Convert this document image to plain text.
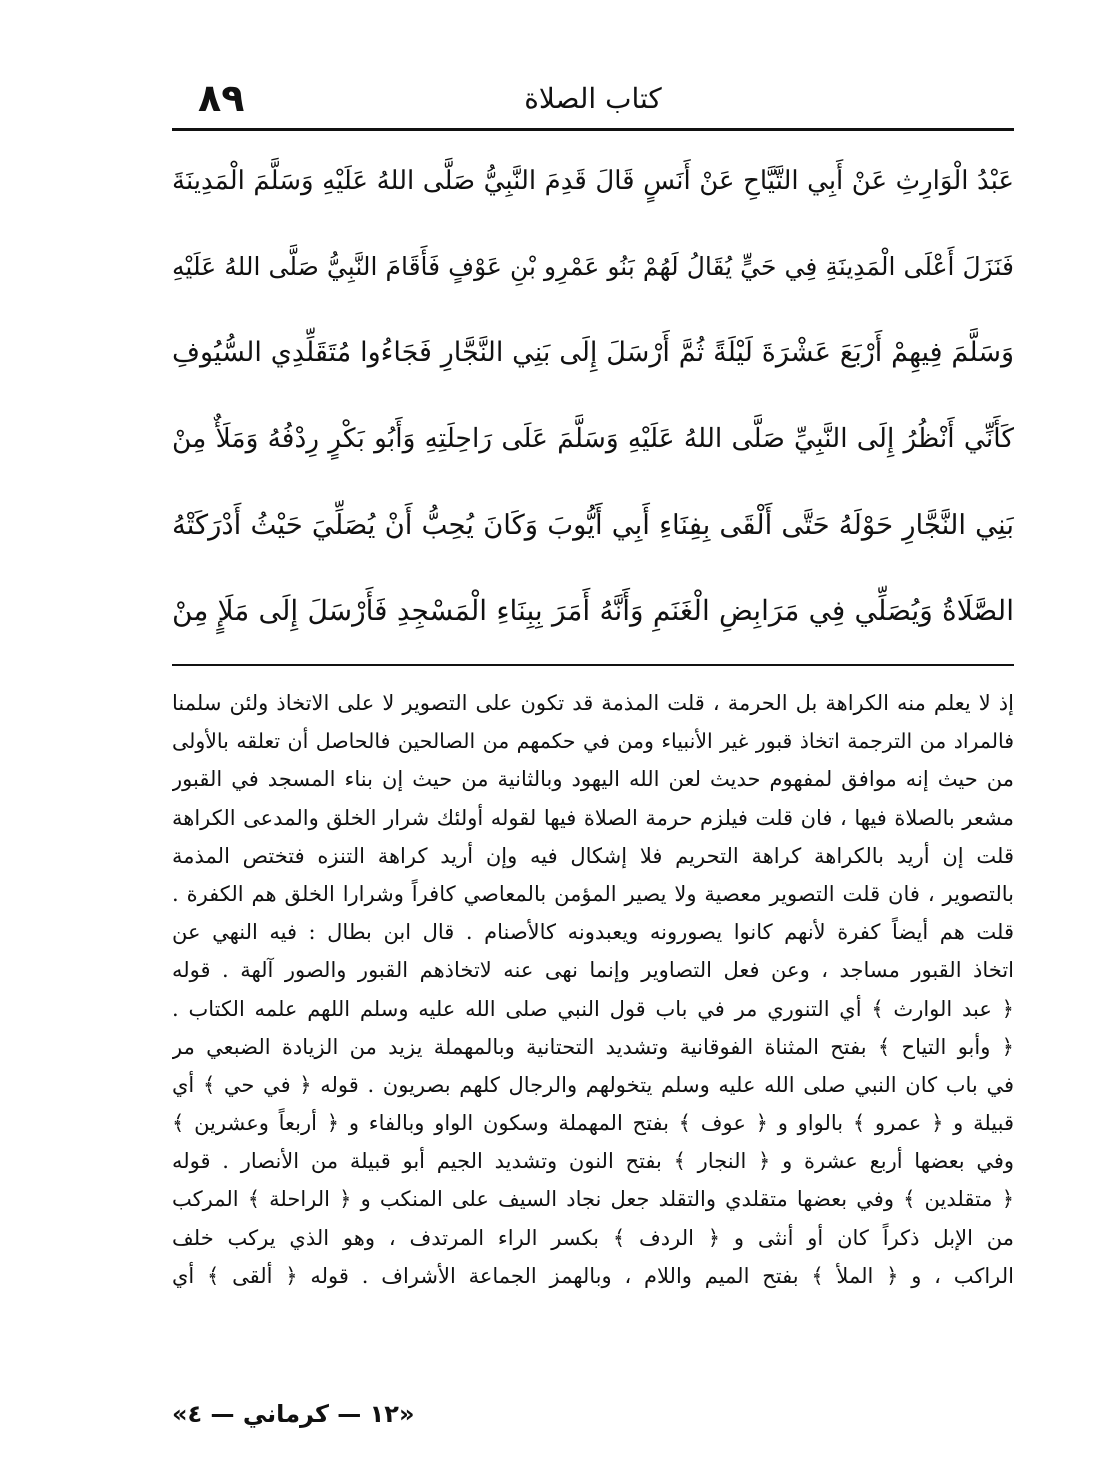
٨٩	كتاب الصلاة
عَبْدُ الْوَارِثِ عَنْ أَبِي التَّيَّاحِ عَنْ أَنَسٍ قَالَ قَدِمَ النَّبِيُّ صَلَّى اللهُ عَلَيْهِ وَسَلَّمَ الْمَدِينَةَ
فَنَزَلَ أَعْلَى الْمَدِينَةِ فِي حَيٍّ يُقَالُ لَهُمْ بَنُو عَمْرِو بْنِ عَوْفٍ فَأَقَامَ النَّبِيُّ صَلَّى اللهُ عَلَيْهِ
وَسَلَّمَ فِيهِمْ أَرْبَعَ عَشْرَةَ لَيْلَةً ثُمَّ أَرْسَلَ إِلَى بَنِي النَّجَّارِ فَجَاءُوا مُتَقَلِّدِي السُّيُوفِ
كَأَنِّي أَنْظُرُ إِلَى النَّبِيِّ صَلَّى اللهُ عَلَيْهِ وَسَلَّمَ عَلَى رَاحِلَتِهِ وَأَبُو بَكْرٍ رِدْفُهُ وَمَلَأٌ مِنْ
بَنِي النَّجَّارِ حَوْلَهُ حَتَّى أَلْقَى بِفِنَاءِ أَبِي أَيُّوبَ وَكَانَ يُحِبُّ أَنْ يُصَلِّيَ حَيْثُ أَدْرَكَتْهُ
الصَّلَاةُ وَيُصَلِّي فِي مَرَابِضِ الْغَنَمِ وَأَنَّهُ أَمَرَ بِبِنَاءِ الْمَسْجِدِ فَأَرْسَلَ إِلَى مَلَإٍ مِنْ
إذ لا يعلم منه الكراهة بل الحرمة ، قلت المذمة قد تكون على التصوير لا على الاتخاذ ولئن سلمنا
فالمراد من الترجمة اتخاذ قبور غير الأنبياء ومن في حكمهم من الصالحين فالحاصل أن تعلقه بالأولى
من حيث إنه موافق لمفهوم حديث لعن الله اليهود وبالثانية من حيث إن بناء المسجد في القبور
مشعر بالصلاة فيها ، فان قلت فيلزم حرمة الصلاة فيها لقوله أولئك شرار الخلق والمدعى الكراهة
قلت إن أريد بالكراهة كراهة التحريم فلا إشكال فيه وإن أريد كراهة التنزه فتختص المذمة
بالتصوير ، فان قلت التصوير معصية ولا يصير المؤمن بالمعاصي كافراً وشرارا الخلق هم الكفرة .
قلت هم أيضاً كفرة لأنهم كانوا يصورونه ويعبدونه كالأصنام . قال ابن بطال : فيه النهي عن
اتخاذ القبور مساجد ، وعن فعل التصاوير وإنما نهى عنه لاتخاذهم القبور والصور آلهة . قوله
﴿ عبد الوارث ﴾ أي التنوري مر في باب قول النبي صلى الله عليه وسلم اللهم علمه الكتاب .
﴿ وأبو التياح ﴾ بفتح المثناة الفوقانية وتشديد التحتانية وبالمهملة يزيد من الزيادة الضبعي مر
في باب كان النبي صلى الله عليه وسلم يتخولهم والرجال كلهم بصريون . قوله ﴿ في حي ﴾ أي
قبيلة و ﴿ عمرو ﴾ بالواو و ﴿ عوف ﴾ بفتح المهملة وسكون الواو وبالفاء و ﴿ أربعاً وعشرين ﴾
وفي بعضها أربع عشرة و ﴿ النجار ﴾ بفتح النون وتشديد الجيم أبو قبيلة من الأنصار . قوله
﴿ متقلدين ﴾ وفي بعضها متقلدي والتقلد جعل نجاد السيف على المنكب و ﴿ الراحلة ﴾ المركب
من الإبل ذكراً كان أو أنثى و ﴿ الردف ﴾ بكسر الراء المرتدف ، وهو الذي يركب خلف
الراكب ، و ﴿ الملأ ﴾ بفتح الميم واللام ، وبالهمز الجماعة الأشراف . قوله ﴿ ألقى ﴾ أي
«١٢ — كرماني — ٤»
